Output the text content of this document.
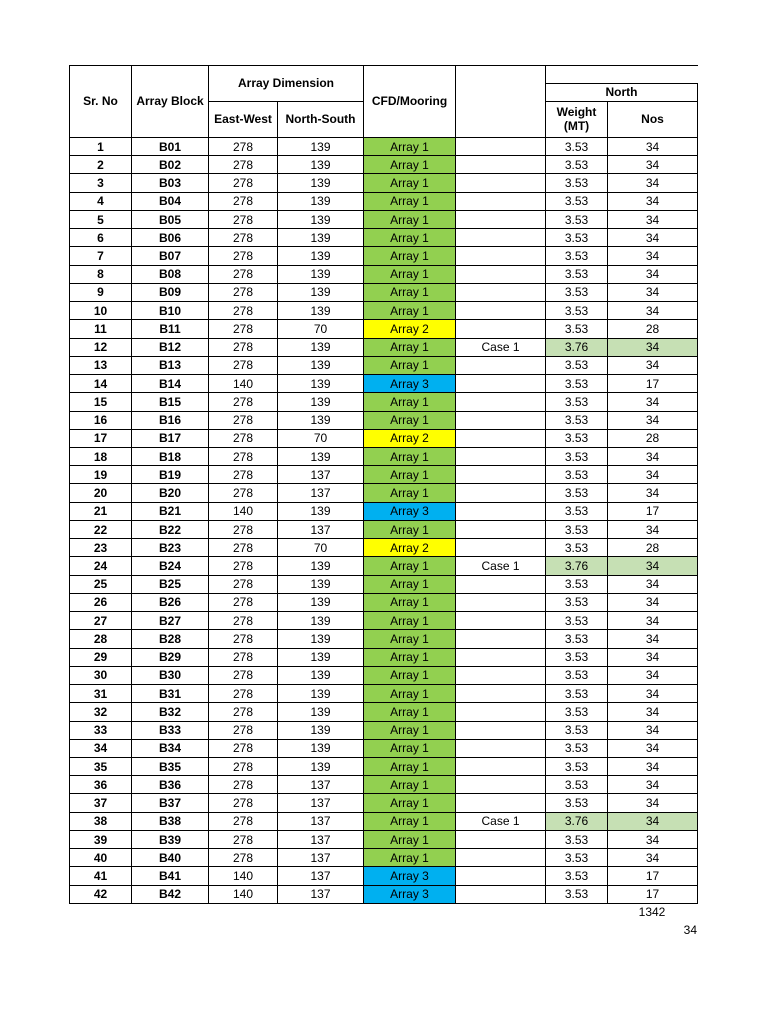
Sr. No	Array Block	Array Dimension		CFD/Mooring			
						North	
		East-West	North-South			Weight (MT)	Nos
1	B01	278	139	Array 1		3.53	34
2	B02	278	139	Array 1		3.53	34
3	B03	278	139	Array 1		3.53	34
4	B04	278	139	Array 1		3.53	34
5	B05	278	139	Array 1		3.53	34
6	B06	278	139	Array 1		3.53	34
7	B07	278	139	Array 1		3.53	34
8	B08	278	139	Array 1		3.53	34
9	B09	278	139	Array 1		3.53	34
10	B10	278	139	Array 1		3.53	34
11	B11	278	70	Array 2		3.53	28
12	B12	278	139	Array 1	Case 1	3.76	34
13	B13	278	139	Array 1		3.53	34
14	B14	140	139	Array 3		3.53	17
15	B15	278	139	Array 1		3.53	34
16	B16	278	139	Array 1		3.53	34
17	B17	278	70	Array 2		3.53	28
18	B18	278	139	Array 1		3.53	34
19	B19	278	137	Array 1		3.53	34
20	B20	278	137	Array 1		3.53	34
21	B21	140	139	Array 3		3.53	17
22	B22	278	137	Array 1		3.53	34
23	B23	278	70	Array 2		3.53	28
24	B24	278	139	Array 1	Case 1	3.76	34
25	B25	278	139	Array 1		3.53	34
26	B26	278	139	Array 1		3.53	34
27	B27	278	139	Array 1		3.53	34
28	B28	278	139	Array 1		3.53	34
29	B29	278	139	Array 1		3.53	34
30	B30	278	139	Array 1		3.53	34
31	B31	278	139	Array 1		3.53	34
32	B32	278	139	Array 1		3.53	34
33	B33	278	139	Array 1		3.53	34
34	B34	278	139	Array 1		3.53	34
35	B35	278	139	Array 1		3.53	34
36	B36	278	137	Array 1		3.53	34
37	B37	278	137	Array 1		3.53	34
38	B38	278	137	Array 1	Case 1	3.76	34
39	B39	278	137	Array 1		3.53	34
40	B40	278	137	Array 1		3.53	34
41	B41	140	137	Array 3		3.53	17
42	B42	140	137	Array 3		3.53	17
1342
34
